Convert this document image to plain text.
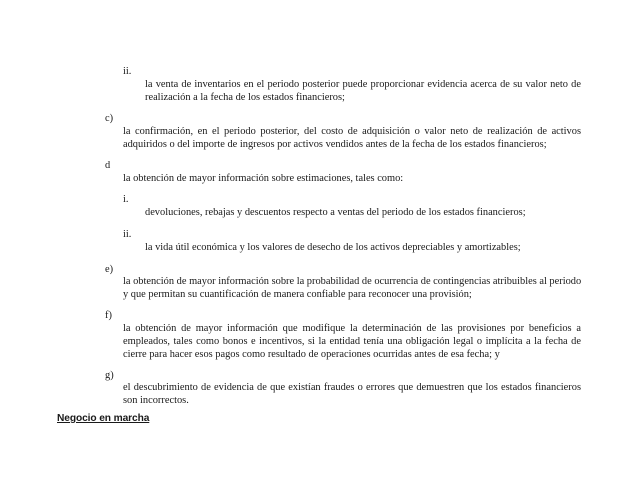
ii.
la venta de inventarios en el periodo posterior puede proporcionar evidencia acerca de su valor neto de
realización a la fecha de los estados financieros;
c)
la confirmación, en el periodo posterior, del costo de adquisición o valor neto de realización de activos
adquiridos o del importe de ingresos por activos vendidos antes de la fecha de los estados financieros;
d
la obtención de mayor información sobre estimaciones, tales como:
i.
devoluciones, rebajas y descuentos respecto a ventas del periodo de los estados financieros;
ii.
la vida útil económica y los valores de desecho de los activos depreciables y amortizables;
e)
la obtención de mayor información sobre la probabilidad de ocurrencia de contingencias atribuibles al periodo
y que permitan su cuantificación de manera confiable para reconocer una provisión;
f)
la obtención de mayor información que modifique la determinación de las provisiones por beneficios a
empleados, tales como bonos e incentivos, si la entidad tenía una obligación legal o implícita a la fecha de
cierre para hacer esos pagos como resultado de operaciones ocurridas antes de esa fecha; y
g)
el descubrimiento de evidencia de que existían fraudes o errores que demuestren que los estados financieros
son incorrectos.
Negocio en marcha
